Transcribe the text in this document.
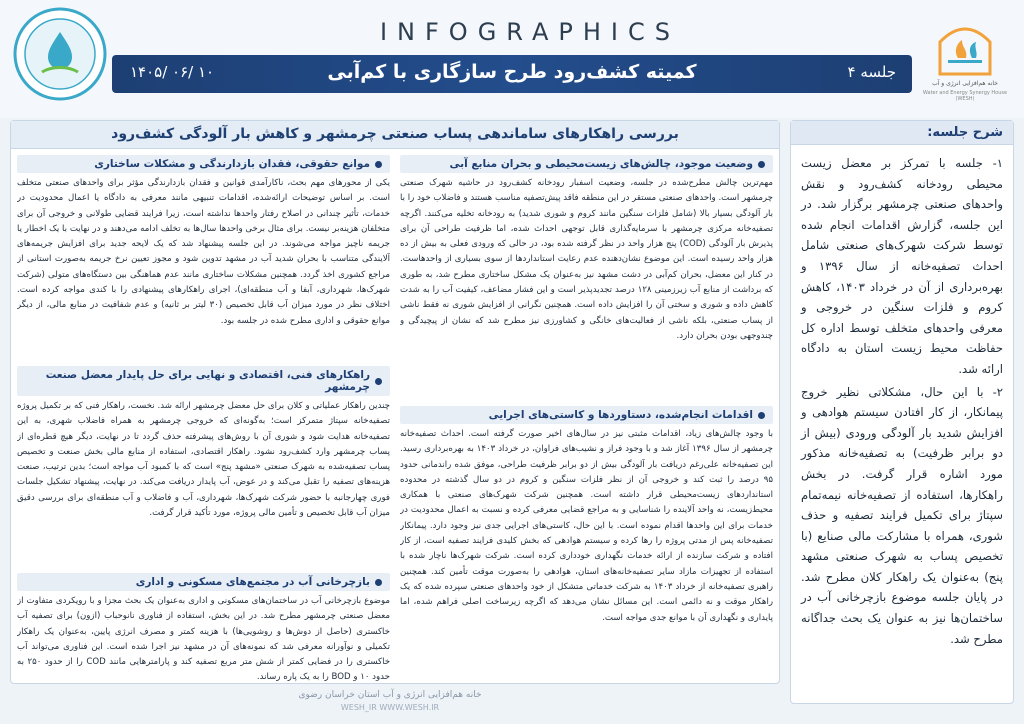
INFOGRAPHICS
جلسه ۴
کمیته کشف‌رود طرح سازگاری با کم‌آبی
۱۴۰۵/ ۰۶/ ۱۰
خانه هم‌افزایی انرژی و آب
Water and Energy Synergy House (WESH)
شرح جلسه:

۱- جلسه با تمرکز بر معضل زیست محیطی رودخانه کشف‌رود و نقش واحدهای صنعتی چرمشهر برگزار شد. در این جلسه، گزارش اقدامات انجام شده توسط شرکت شهرک‌های صنعتی شامل احداث تصفیه‌خانه از سال ۱۳۹۶ و بهره‌برداری از آن در خرداد ۱۴۰۳، کاهش کروم و فلزات سنگین در خروجی و معرفی واحدهای متخلف توسط اداره کل حفاظت محیط زیست استان به دادگاه ارائه شد.

۲- با این حال، مشکلاتی نظیر خروج پیمانکار، از کار افتادن سیستم هوادهی و افزایش شدید بار آلودگی ورودی (بیش از دو برابر ظرفیت) به تصفیه‌خانه مذکور مورد اشاره قرار گرفت. در بخش راهکارها، استفاده از تصفیه‌خانه نیمه‌تمام سپتاژ برای تکمیل فرایند تصفیه و حذف شوری، همراه با مشارکت مالی صنایع (با تخصیص پساب به شهرک صنعتی مشهد پنج) به‌عنوان یک راهکار کلان مطرح شد. در پایان جلسه موضوع بازچرخانی آب در ساختمان‌ها نیز به عنوان یک بحث جداگانه مطرح شد.

بررسی راهکارهای ساماندهی پساب صنعتی چرمشهر و کاهش بار آلودگی کشف‌رود
وضعیت موجود، چالش‌های زیست‌محیطی و بحران منابع آبی
مهم‌ترین چالش مطرح‌شده در جلسه، وضعیت اسفبار رودخانه کشف‌رود در حاشیه شهرک صنعتی چرمشهر است. واحدهای صنعتی مستقر در این منطقه فاقد پیش‌تصفیه مناسب هستند و فاضلاب خود را با بار آلودگی بسیار بالا (شامل فلزات سنگین مانند کروم و شوری شدید) به رودخانه تخلیه می‌کنند. اگرچه تصفیه‌خانه مرکزی چرمشهر با سرمایه‌گذاری قابل توجهی احداث شده، اما ظرفیت طراحی آن برای پذیرش بار آلودگی (COD) پنج هزار واحد در نظر گرفته شده بود، در حالی که ورودی فعلی به بیش از ده هزار واحد رسیده است. این موضوع نشان‌دهنده عدم رعایت استانداردها از سوی بسیاری از واحدهاست. در کنار این معضل، بحران کم‌آبی در دشت مشهد نیز به‌عنوان یک مشکل ساختاری مطرح شد، به طوری که برداشت از منابع آب زیرزمینی ۱۲۸ درصد تجدیدپذیر است و این فشار مضاعف، کیفیت آب را به شدت کاهش داده و شوری و سختی آن را افزایش داده است. همچنین نگرانی از افزایش شوری نه فقط ناشی از پساب صنعتی، بلکه ناشی از فعالیت‌های خانگی و کشاورزی نیز مطرح شد که نشان از پیچیدگی و چندوجهی بودن بحران دارد.
اقدامات انجام‌شده، دستاوردها و کاستی‌های اجرایی
با وجود چالش‌های زیاد، اقدامات مثبتی نیز در سال‌های اخیر صورت گرفته است. احداث تصفیه‌خانه چرمشهر از سال ۱۳۹۶ آغاز شد و با وجود فراز و نشیب‌های فراوان، در خرداد ۱۴۰۳ به بهره‌برداری رسید. این تصفیه‌خانه علی‌رغم دریافت بار آلودگی بیش از دو برابر ظرفیت طراحی، موفق شده راندمانی حدود ۹۵ درصد را ثبت کند و خروجی آن از نظر فلزات سنگین و کروم در دو سال گذشته در محدوده استانداردهای زیست‌محیطی قرار داشته است. همچنین شرکت شهرک‌های صنعتی با همکاری محیط‌زیست، نه واحد آلاینده را شناسایی و به مراجع قضایی معرفی کرده و نسبت به اعمال محدودیت در خدمات برای این واحدها اقدام نموده است. با این حال، کاستی‌های اجرایی جدی نیز وجود دارد. پیمانکار تصفیه‌خانه پس از مدتی پروژه را رها کرده و سیستم هوادهی که بخش کلیدی فرایند تصفیه است، از کار افتاده و شرکت سازنده از ارائه خدمات نگهداری خودداری کرده است. شرکت شهرک‌ها ناچار شده با استفاده از تجهیزات مازاد سایر تصفیه‌خانه‌های استان، هوادهی را به‌صورت موقت تأمین کند. همچنین راهبری تصفیه‌خانه از خرداد ۱۴۰۳ به شرکت خدماتی متشکل از خود واحدهای صنعتی سپرده شده که یک راهکار موقت و نه دائمی است. این مسائل نشان می‌دهد که اگرچه زیرساخت اصلی فراهم شده، اما پایداری و نگهداری آن با موانع جدی مواجه است.
موانع حقوقی، فقدان بازدارندگی و مشکلات ساختاری
یکی از محورهای مهم بحث، ناکارآمدی قوانین و فقدان بازدارندگی مؤثر برای واحدهای صنعتی متخلف است. بر اساس توضیحات ارائه‌شده، اقدامات تنبیهی مانند معرفی به دادگاه یا اعمال محدودیت در خدمات، تأثیر چندانی در اصلاح رفتار واحدها نداشته است، زیرا فرایند قضایی طولانی و خروجی آن برای متخلفان هزینه‌بر نیست. برای مثال برخی واحدها سال‌ها به تخلف ادامه می‌دهند و در نهایت با یک اخطار یا جریمه ناچیز مواجه می‌شوند. در این جلسه پیشنهاد شد که یک لایحه جدید برای افزایش جریمه‌های آلایندگی متناسب با بحران شدید آب در مشهد تدوین شود و مجوز تعیین نرخ جریمه به‌صورت استانی از مراجع کشوری اخذ گردد. همچنین مشکلات ساختاری مانند عدم هماهنگی بین دستگاه‌های متولی (شرکت شهرک‌ها، شهرداری، آبفا و آب منطقه‌ای)، اجرای راهکارهای پیشنهادی را با کندی مواجه کرده است. اختلاف نظر در مورد میزان آب قابل تخصیص (۳۰ لیتر بر ثانیه) و عدم شفافیت در منابع مالی، از دیگر موانع حقوقی و اداری مطرح شده در جلسه بود.
راهکارهای فنی، اقتصادی و نهایی برای حل پایدار معضل صنعت چرمشهر
چندین راهکار عملیاتی و کلان برای حل معضل چرمشهر ارائه شد. نخست، راهکار فنی که بر تکمیل پروژه تصفیه‌خانه سپتاژ متمرکز است؛ به‌گونه‌ای که خروجی چرمشهر به همراه فاضلاب شهری، به این تصفیه‌خانه هدایت شود و شوری آن با روش‌های پیشرفته حذف گردد تا در نهایت، دیگر هیچ قطره‌ای از پساب چرمشهر وارد کشف‌رود نشود. راهکار اقتصادی، استفاده از منابع مالی بخش صنعت و تخصیص پساب تصفیه‌شده به شهرک صنعتی «مشهد پنج» است که با کمبود آب مواجه است؛ بدین ترتیب، صنعت هزینه‌های تصفیه را تقبل می‌کند و در عوض، آب پایدار دریافت می‌کند. در نهایت، پیشنهاد تشکیل جلسات فوری چهارجانبه با حضور شرکت شهرک‌ها، شهرداری، آب و فاضلاب و آب منطقه‌ای برای بررسی دقیق میزان آب قابل تخصیص و تأمین مالی پروژه، مورد تأکید قرار گرفت.
بازچرخانی آب در مجتمع‌های مسکونی و اداری
موضوع بازچرخانی آب در ساختمان‌های مسکونی و اداری به‌عنوان یک بحث مجزا و با رویکردی متفاوت از معضل صنعتی چرمشهر مطرح شد. در این بخش، استفاده از فناوری نانوحباب (ازون) برای تصفیه آب خاکستری (حاصل از دوش‌ها و روشویی‌ها) با هزینه کمتر و مصرف انرژی پایین، به‌عنوان یک راهکار تکمیلی و نوآورانه معرفی شد که نمونه‌های آن در مشهد نیز اجرا شده است. این فناوری می‌تواند آب خاکستری را در فضایی کمتر از شش متر مربع تصفیه کند و پارامترهایی مانند COD را از حدود ۲۵۰ به حدود ۱۰ و BOD را به یک پاره رساند.
خانه هم‌افزایی انرژی و آب استان خراسان رضوی
WESH_IR WWW.WESH.IR
